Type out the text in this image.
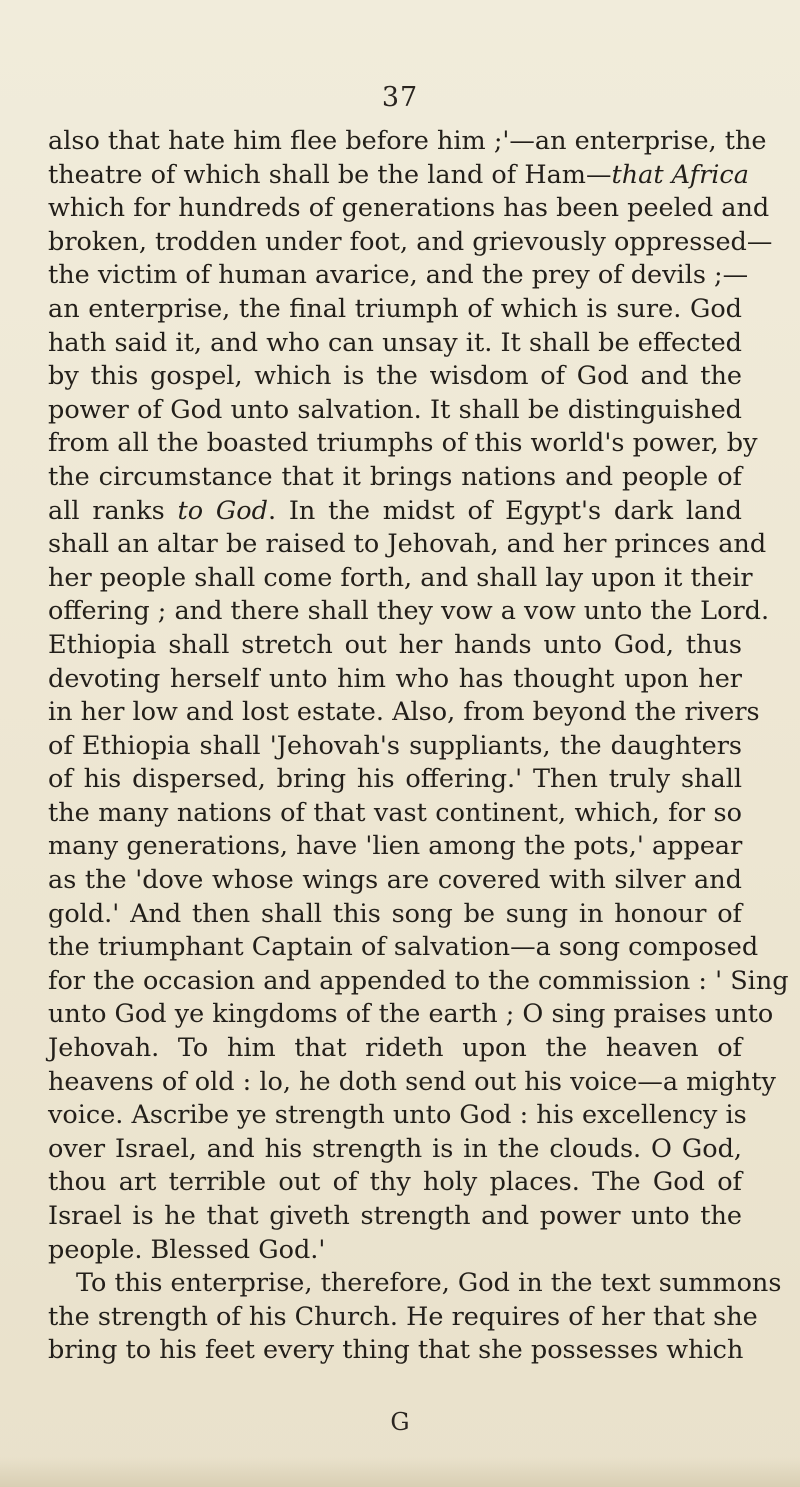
37
also that hate him flee before him ;'—an enterprise, the
theatre of which shall be the land of Ham—that Africa
which for hundreds of generations has been peeled and
broken, trodden under foot, and grievously oppressed—
the victim of human avarice, and the prey of devils ;—
an enterprise, the final triumph of which is sure. God
hath said it, and who can unsay it. It shall be effected
by this gospel, which is the wisdom of God and the
power of God unto salvation. It shall be distinguished
from all the boasted triumphs of this world's power, by
the circumstance that it brings nations and people of
all ranks to God. In the midst of Egypt's dark land
shall an altar be raised to Jehovah, and her princes and
her people shall come forth, and shall lay upon it their
offering ; and there shall they vow a vow unto the Lord.
Ethiopia shall stretch out her hands unto God, thus
devoting herself unto him who has thought upon her
in her low and lost estate. Also, from beyond the rivers
of Ethiopia shall 'Jehovah's suppliants, the daughters
of his dispersed, bring his offering.' Then truly shall
the many nations of that vast continent, which, for so
many generations, have 'lien among the pots,' appear
as the 'dove whose wings are covered with silver and
gold.' And then shall this song be sung in honour of
the triumphant Captain of salvation—a song composed
for the occasion and appended to the commission : ' Sing
unto God ye kingdoms of the earth ; O sing praises unto
Jehovah. To him that rideth upon the heaven of
heavens of old : lo, he doth send out his voice—a mighty
voice. Ascribe ye strength unto God : his excellency is
over Israel, and his strength is in the clouds. O God,
thou art terrible out of thy holy places. The God of
Israel is he that giveth strength and power unto the
people. Blessed God.'
To this enterprise, therefore, God in the text summons
the strength of his Church. He requires of her that she
bring to his feet every thing that she possesses which
G
